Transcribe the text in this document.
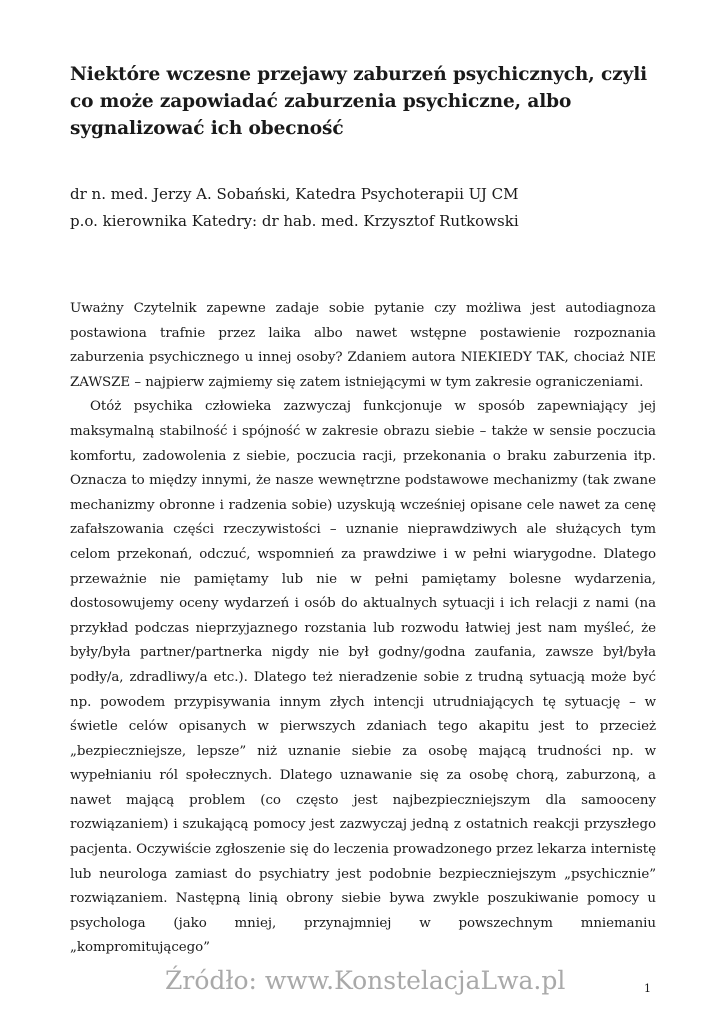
Niektóre wczesne przejawy zaburzeń psychicznych, czyli co może zapowiadać zaburzenia psychiczne, albo sygnalizować ich obecność
dr n. med. Jerzy A. Sobański, Katedra Psychoterapii UJ CM
p.o. kierownika Katedry: dr hab. med. Krzysztof Rutkowski

Uważny Czytelnik zapewne zadaje sobie pytanie czy możliwa jest autodiagnoza postawiona trafnie przez laika albo nawet wstępne postawienie rozpoznania zaburzenia psychicznego u innej osoby? Zdaniem autora NIEKIEDY TAK, chociaż NIE ZAWSZE – najpierw zajmiemy się zatem istniejącymi w tym zakresie ograniczeniami.

Otóż psychika człowieka zazwyczaj funkcjonuje w sposób zapewniający jej maksymalną stabilność i spójność w zakresie obrazu siebie – także w sensie poczucia komfortu, zadowolenia z siebie, poczucia racji, przekonania o braku zaburzenia itp. Oznacza to między innymi, że nasze wewnętrzne podstawowe mechanizmy (tak zwane mechanizmy obronne i radzenia sobie) uzyskują wcześniej opisane cele nawet za cenę zafałszowania części rzeczywistości – uznanie nieprawdziwych ale służących tym celom przekonań, odczuć, wspomnień za prawdziwe i w pełni wiarygodne. Dlatego przeważnie nie pamiętamy lub nie w pełni pamiętamy bolesne wydarzenia, dostosowujemy oceny wydarzeń i osób do aktualnych sytuacji i ich relacji z nami (na przykład podczas nieprzyjaznego rozstania lub rozwodu łatwiej jest nam myśleć, że były/była partner/partnerka nigdy nie był godny/godna zaufania, zawsze był/była podły/a, zdradliwy/a etc.). Dlatego też nieradzenie sobie z trudną sytuacją może być np. powodem przypisywania innym złych intencji utrudniających tę sytuację – w świetle celów opisanych w pierwszych zdaniach tego akapitu jest to przecież „bezpieczniejsze, lepsze” niż uznanie siebie za osobę mającą trudności np. w wypełnianiu ról społecznych. Dlatego uznawanie się za osobę chorą, zaburzoną, a nawet mającą problem (co często jest najbezpieczniejszym dla samooceny rozwiązaniem) i szukającą pomocy jest zazwyczaj jedną z ostatnich reakcji przyszłego pacjenta. Oczywiście zgłoszenie się do leczenia prowadzonego przez lekarza internistę lub neurologa zamiast do psychiatry jest podobnie bezpieczniejszym „psychicznie” rozwiązaniem. Następną linią obrony siebie bywa zwykle poszukiwanie pomocy u psychologa (jako mniej, przynajmniej w powszechnym mniemaniu „kompromitującego”

Źródło: www.KonstelacjaLwa.pl	1
